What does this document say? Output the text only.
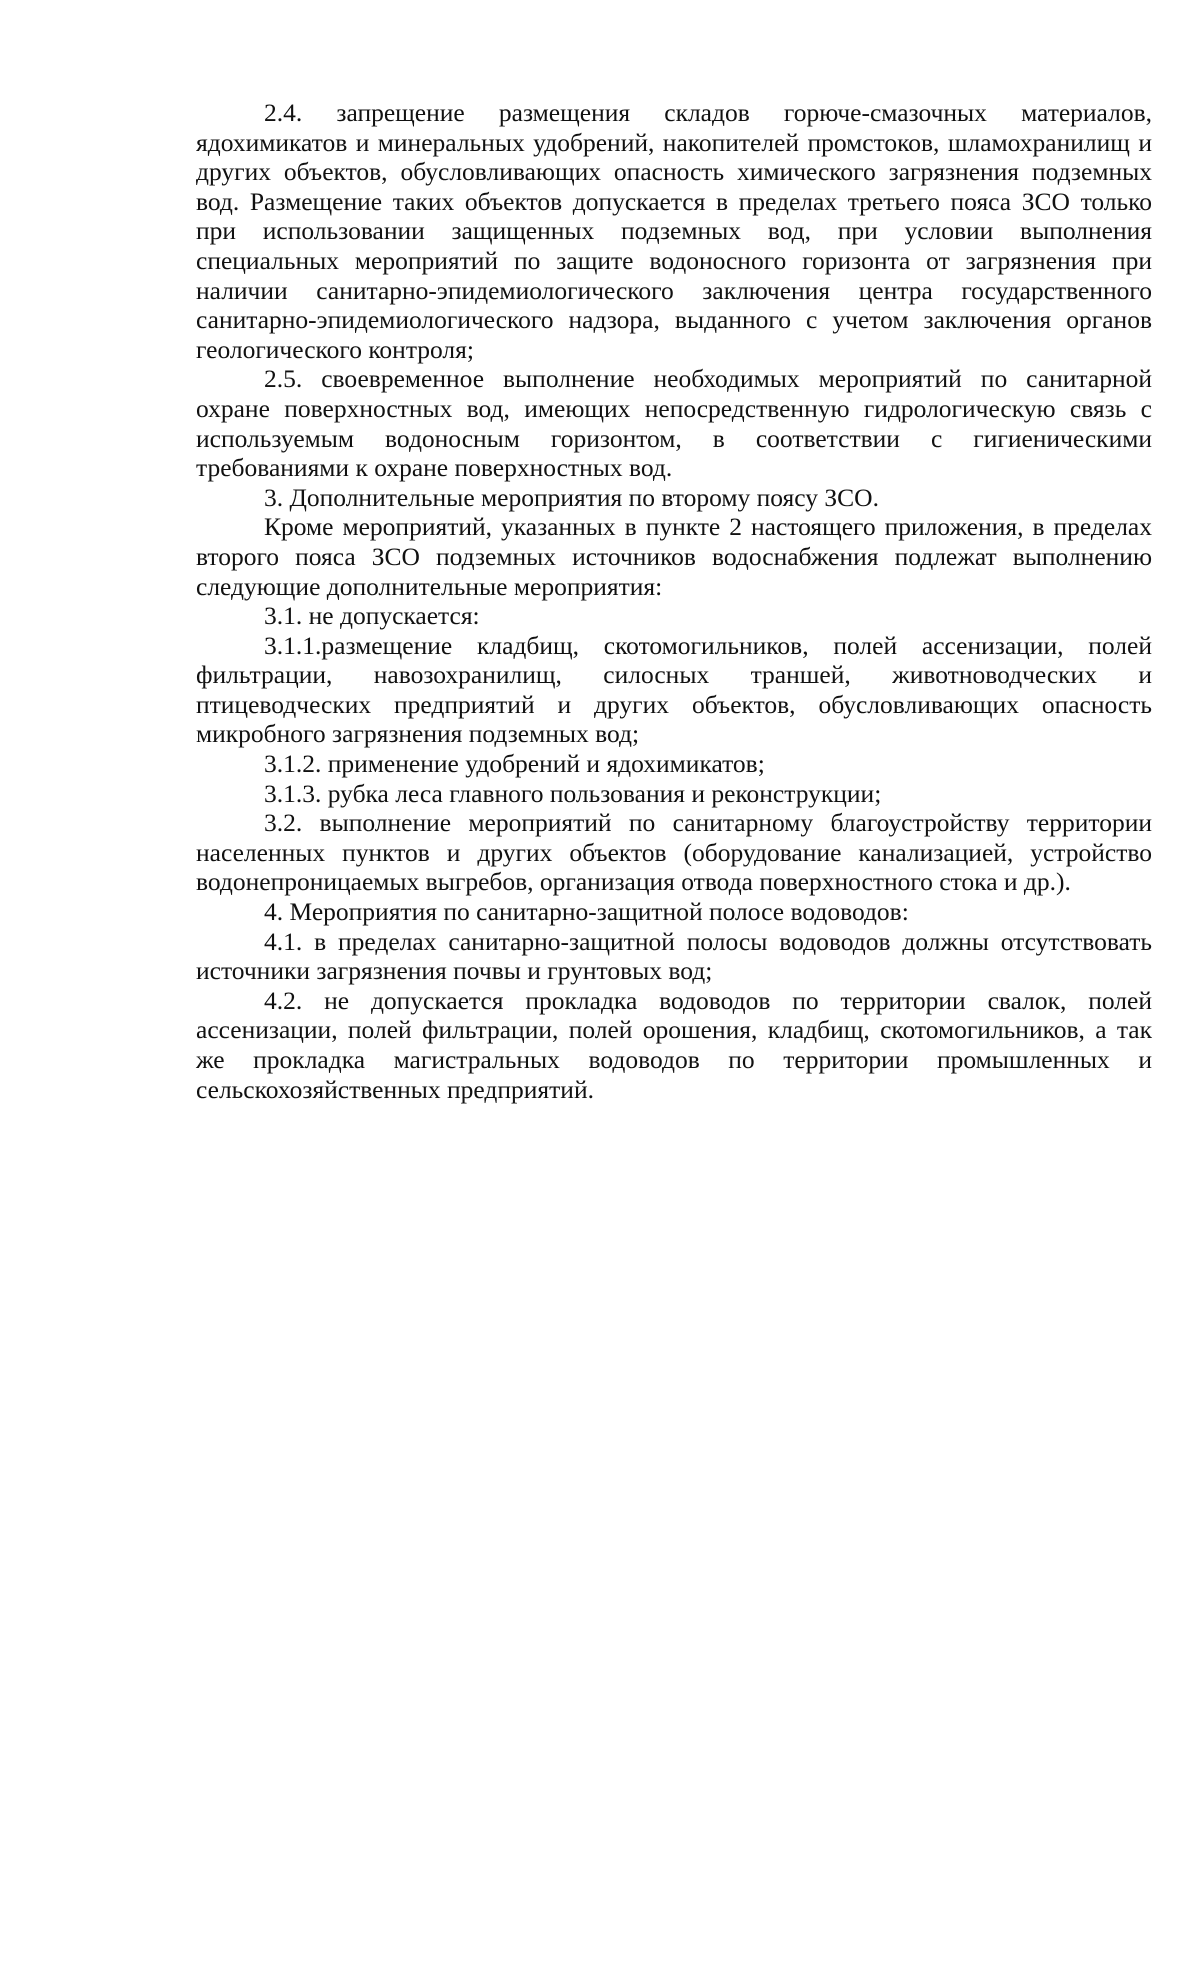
2.4. запрещение размещения складов горюче-смазочных материалов, ядохимикатов и минеральных удобрений, накопителей промстоков, шламохранилищ и других объектов, обусловливающих опасность химического загрязнения подземных вод. Размещение таких объектов допускается в пределах третьего пояса ЗСО только при использовании защищенных подземных вод, при условии выполнения специальных мероприятий по защите водоносного горизонта от загрязнения при наличии санитарно-эпидемиологического заключения центра государственного санитарно-эпидемиологического надзора, выданного с учетом заключения органов геологического контроля;

2.5. своевременное выполнение необходимых мероприятий по санитарной охране поверхностных вод, имеющих непосредственную гидрологическую связь с используемым водоносным горизонтом, в соответствии с гигиеническими требованиями к охране поверхностных вод.

3. Дополнительные мероприятия по второму поясу ЗСО.

Кроме мероприятий, указанных в пункте 2 настоящего приложения, в пределах второго пояса ЗСО подземных источников водоснабжения подлежат выполнению следующие дополнительные мероприятия:

3.1. не допускается:

3.1.1.размещение кладбищ, скотомогильников, полей ассенизации, полей фильтрации, навозохранилищ, силосных траншей, животноводческих и птицеводческих предприятий и других объектов, обусловливающих опасность микробного загрязнения подземных вод;

3.1.2. применение удобрений и ядохимикатов;

3.1.3. рубка леса главного пользования и реконструкции;

3.2. выполнение мероприятий по санитарному благоустройству территории населенных пунктов и других объектов (оборудование канализацией, устройство водонепроницаемых выгребов, организация отвода поверхностного стока и др.).

4. Мероприятия по санитарно-защитной полосе водоводов:

4.1. в пределах санитарно-защитной полосы водоводов должны отсутствовать источники загрязнения почвы и грунтовых вод;

4.2. не допускается прокладка водоводов по территории свалок, полей ассенизации, полей фильтрации, полей орошения, кладбищ, скотомогильников, а так же прокладка магистральных водоводов по территории промышленных и сельскохозяйственных предприятий.
